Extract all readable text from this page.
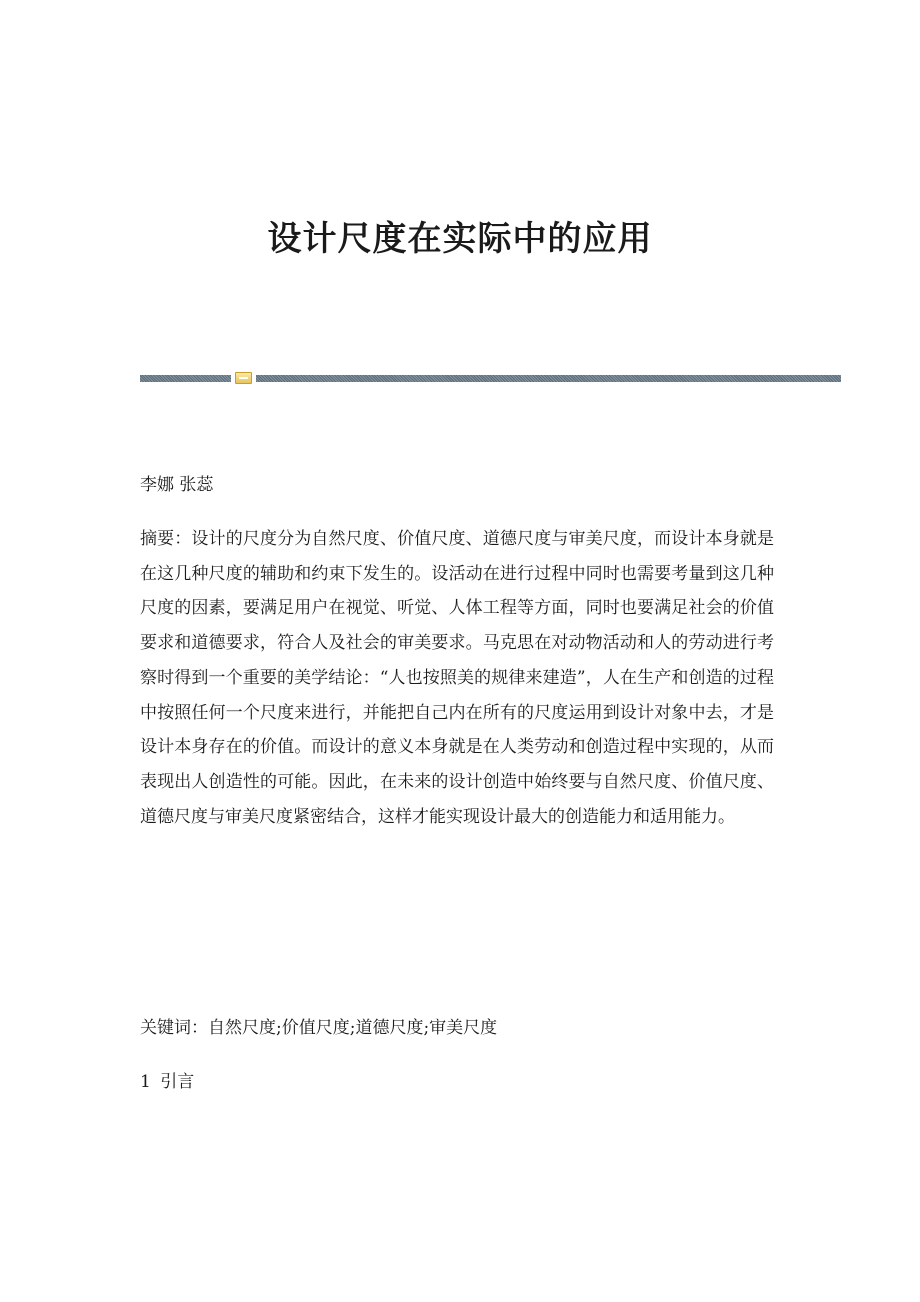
设计尺度在实际中的应用

李娜 张蕊

摘要：设计的尺度分为自然尺度、价值尺度、道德尺度与审美尺度，而设计本身就是在这几种尺度的辅助和约束下发生的。设活动在进行过程中同时也需要考量到这几种尺度的因素，要满足用户在视觉、听觉、人体工程等方面，同时也要满足社会的价值要求和道德要求，符合人及社会的审美要求。马克思在对动物活动和人的劳动进行考察时得到一个重要的美学结论：“人也按照美的规律来建造”，人在生产和创造的过程中按照任何一个尺度来进行，并能把自己内在所有的尺度运用到设计对象中去，才是设计本身存在的价值。而设计的意义本身就是在人类劳动和创造过程中实现的，从而表现出人创造性的可能。因此，在未来的设计创造中始终要与自然尺度、价值尺度、道德尺度与审美尺度紧密结合，这样才能实现设计最大的创造能力和适用能力。

关键词：自然尺度;价值尺度;道德尺度;审美尺度

1 引言
